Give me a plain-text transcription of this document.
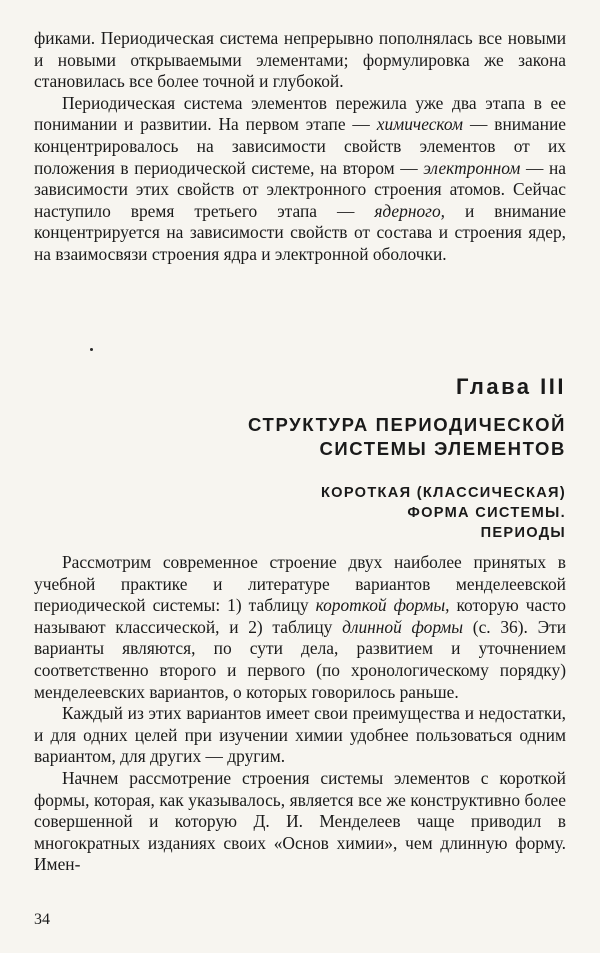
фиками. Периодическая система непрерывно пополнялась все новыми и новыми открываемыми элементами; формулировка же закона становилась все более точной и глубокой.

Периодическая система элементов пережила уже два этапа в ее понимании и развитии. На первом этапе — химическом — внимание концентрировалось на зависимости свойств элементов от их положения в периодической системе, на втором — электронном — на зависимости этих свойств от электронного строения атомов. Сейчас наступило время третьего этапа — ядерного, и внимание концентрируется на зависимости свойств от состава и строения ядер, на взаимосвязи строения ядра и электронной оболочки.

Глава III
СТРУКТУРА ПЕРИОДИЧЕСКОЙ
СИСТЕМЫ ЭЛЕМЕНТОВ
КОРОТКАЯ (КЛАССИЧЕСКАЯ)
ФОРМА СИСТЕМЫ.
ПЕРИОДЫ

Рассмотрим современное строение двух наиболее принятых в учебной практике и литературе вариантов менделеевской периодической системы: 1) таблицу короткой формы, которую часто называют классической, и 2) таблицу длинной формы (с. 36). Эти варианты являются, по сути дела, развитием и уточнением соответственно второго и первого (по хронологическому порядку) менделеевских вариантов, о которых говорилось раньше.

Каждый из этих вариантов имеет свои преимущества и недостатки, и для одних целей при изучении химии удобнее пользоваться одним вариантом, для других — другим.

Начнем рассмотрение строения системы элементов с короткой формы, которая, как указывалось, является все же конструктивно более совершенной и которую Д. И. Менделеев чаще приводил в многократных изданиях своих «Основ химии», чем длинную форму. Имен-

34
